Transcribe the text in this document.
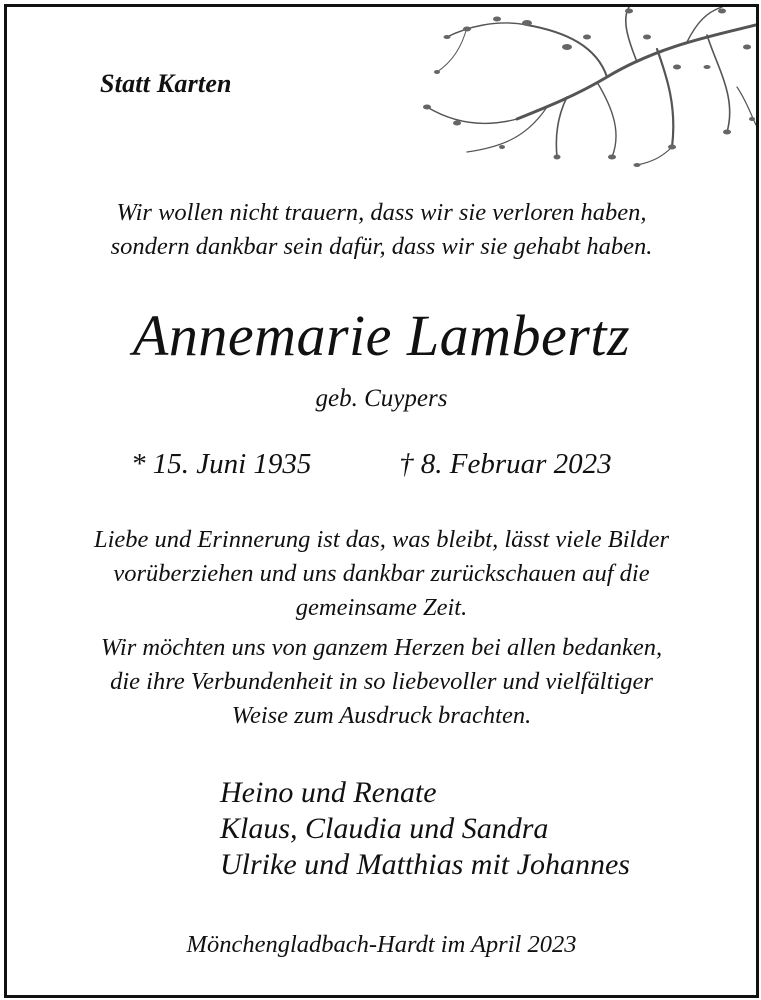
Statt Karten
Wir wollen nicht trauern, dass wir sie verloren haben,
sondern dankbar sein dafür, dass wir sie gehabt haben.
Annemarie Lambertz
geb. Cuypers
* 15. Juni 1935	† 8. Februar 2023
Liebe und Erinnerung ist das, was bleibt, lässt viele Bilder
vorüberziehen und uns dankbar zurückschauen auf die
gemeinsame Zeit.
Wir möchten uns von ganzem Herzen bei allen bedanken,
die ihre Verbundenheit in so liebevoller und vielfältiger
Weise zum Ausdruck brachten.
Heino und Renate
Klaus, Claudia und Sandra
Ulrike und Matthias mit Johannes
Mönchengladbach-Hardt im April 2023
